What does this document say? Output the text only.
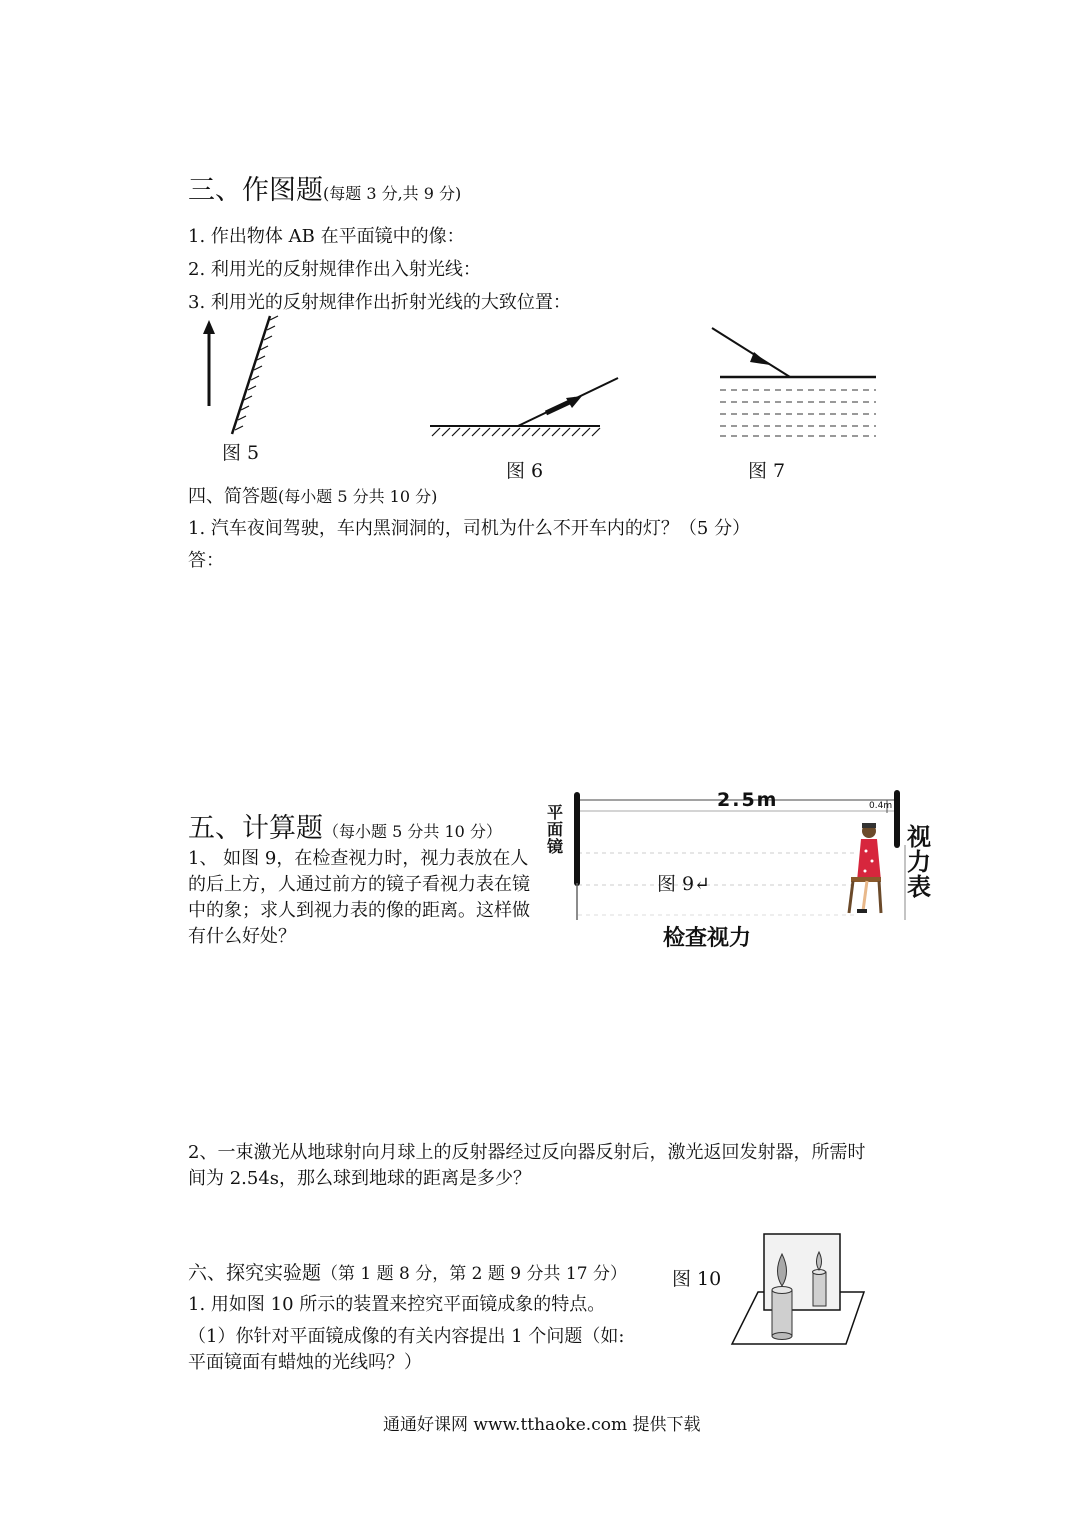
三、作图题(每题 3 分,共 9 分)
1. 作出物体 AB 在平面镜中的像：
2. 利用光的反射规律作出入射光线：
3. 利用光的反射规律作出折射光线的大致位置：
图 5
图 6	图 7
四、简答题(每小题 5 分共 10 分)
1. 汽车夜间驾驶，车内黑洞洞的，司机为什么不开车内的灯？（5 分）
答：
五、计算题（每小题 5 分共 10 分）
1、 如图 9，在检查视力时，视力表放在人
的后上方，人通过前方的镜子看视力表在镜
中的象；求人到视力表的像的距离。这样做
有什么好处？
平面镜
2.5m	0.4m
视力表
图 9↵
检查视力
2、一束激光从地球射向月球上的反射器经过反向器反射后，激光返回发射器，所需时
间为 2.54s，那么球到地球的距离是多少？
六、探究实验题（第 1 题 8 分，第 2 题 9 分共 17 分） 图 10
1. 用如图 10 所示的装置来控究平面镜成象的特点。
（1）你针对平面镜成像的有关内容提出 1 个问题（如:
平面镜面有蜡烛的光线吗？）
通通好课网 www.tthaoke.com 提供下载
